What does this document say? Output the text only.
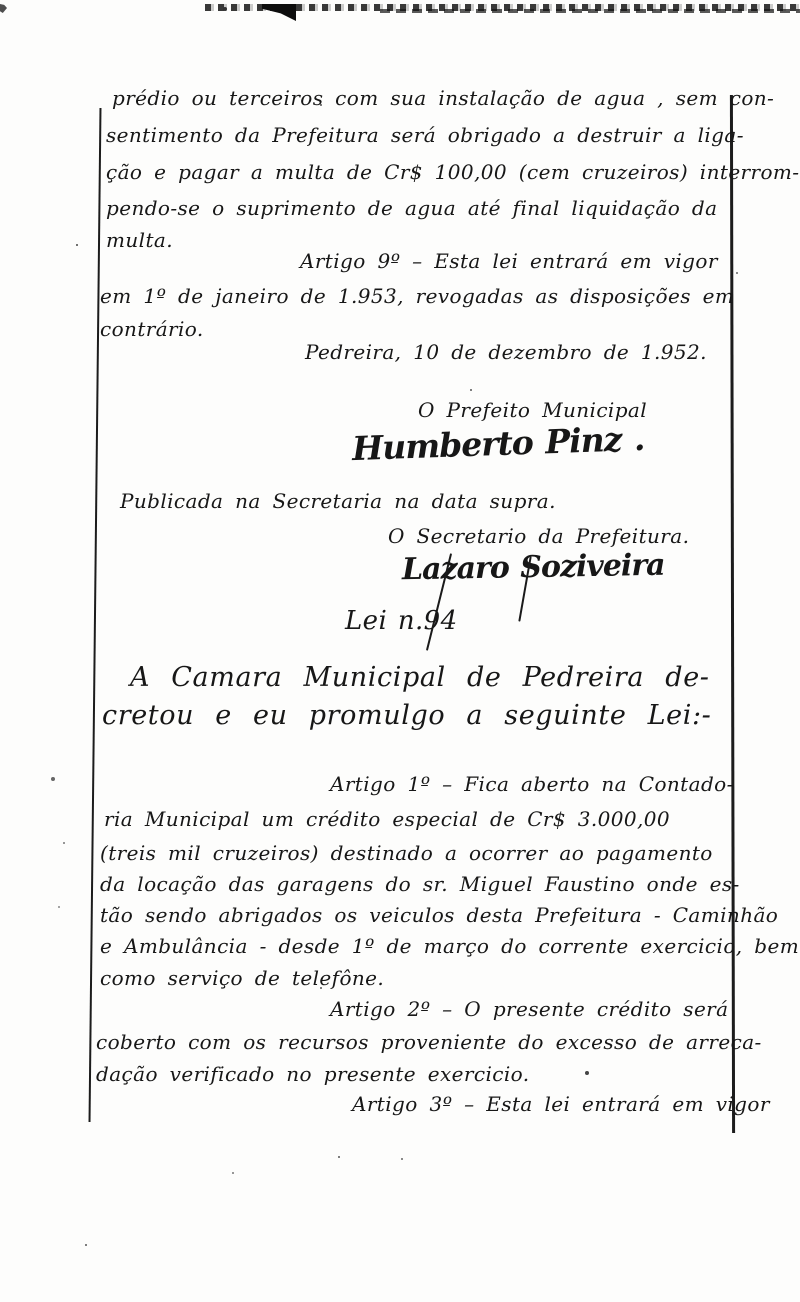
prédio ou terceiros com sua instalação de agua , sem con-
sentimento da Prefeitura será obrigado a destruir a liga-
ção e pagar a multa de Cr$ 100,00 (cem cruzeiros) interrom-
pendo-se o suprimento de agua até final liquidação da
multa.
Artigo 9º – Esta lei entrará em vigor
em 1º de janeiro de 1.953, revogadas as disposições em
contrário.
Pedreira, 10 de dezembro de 1.952.
O Prefeito Municipal
Humberto Pinz .
Publicada na Secretaria na data supra.
O Secretario da Prefeitura.
Lazaro Soziveira
Lei n.94
A Camara Municipal de Pedreira de-
cretou e eu promulgo a seguinte Lei:-
Artigo 1º – Fica aberto na Contado-
ria Municipal um crédito especial de Cr$ 3.000,00
(treis mil cruzeiros) destinado a ocorrer ao pagamento
da locação das garagens do sr. Miguel Faustino onde es-
tão sendo abrigados os veiculos desta Prefeitura - Caminhão
e Ambulância - desde 1º de março do corrente exercicio, bem
como serviço de telefône.
Artigo 2º – O presente crédito será
coberto com os recursos proveniente do excesso de arreca-
dação verificado no presente exercicio.
Artigo 3º – Esta lei entrará em vigor
